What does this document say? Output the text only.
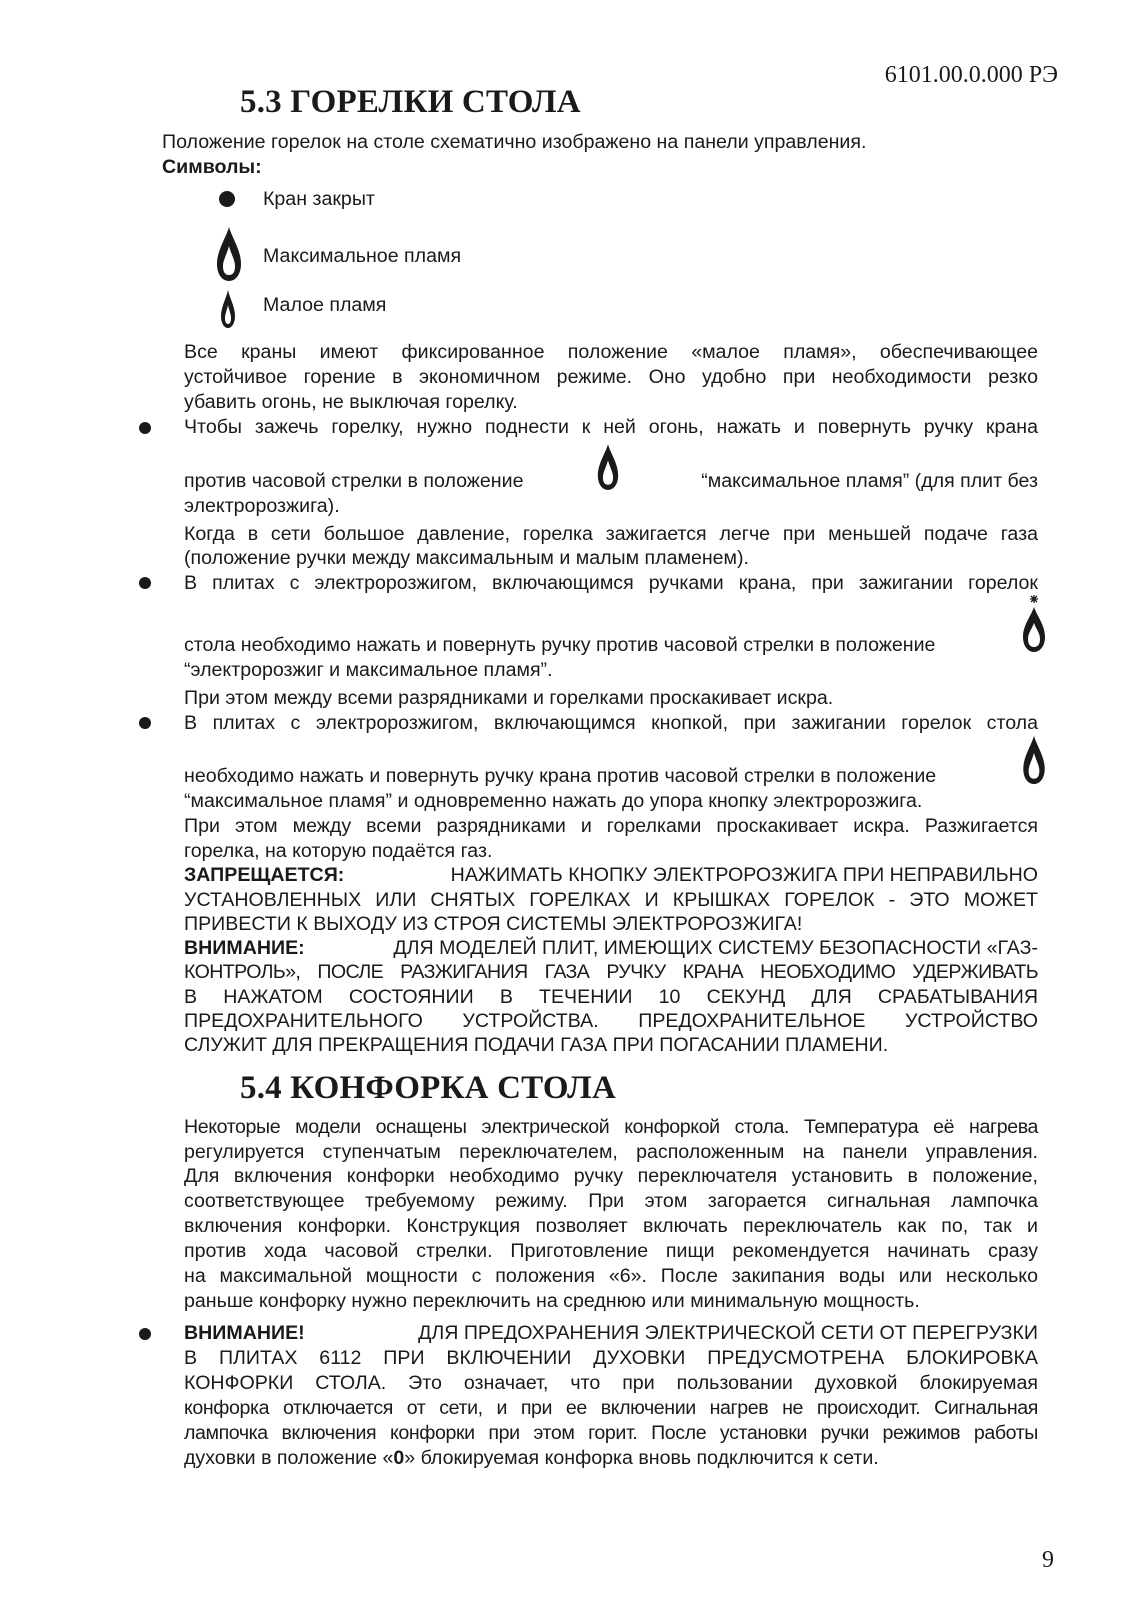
6101.00.0.000 РЭ
5.3 ГОРЕЛКИ СТОЛА
Положение горелок на столе схематично изображено на панели управления.
Символы:
Кран закрыт
Максимальное пламя
Малое пламя
Все краны имеют фиксированное положение «малое пламя», обеспечивающее
устойчивое горение в экономичном режиме. Оно удобно при необходимости резко
убавить огонь, не выключая горелку.
Чтобы зажечь горелку, нужно поднести к ней огонь, нажать и повернуть ручку крана
против часовой стрелки в положение	“максимальное пламя” (для плит без
электророзжига).
Когда в сети большое давление, горелка зажигается легче при меньшей подаче газа
(положение ручки между максимальным и малым пламенем).
В плитах с электророзжигом, включающимся ручками крана, при зажигании горелок
стола необходимо нажать и повернуть ручку против часовой стрелки в положение
“электророзжиг и максимальное пламя”.
При этом между всеми разрядниками и горелками проскакивает искра.
В плитах с электророзжигом, включающимся кнопкой, при зажигании горелок стола
необходимо нажать и повернуть ручку крана против часовой стрелки в положение
“максимальное пламя” и одновременно нажать до упора кнопку электророзжига.
При этом между всеми разрядниками и горелками проскакивает искра. Разжигается
горелка, на которую подаётся газ.
ЗАПРЕЩАЕТСЯ:	НАЖИМАТЬ КНОПКУ ЭЛЕКТРОРОЗЖИГА ПРИ НЕПРАВИЛЬНО
УСТАНОВЛЕННЫХ ИЛИ СНЯТЫХ ГОРЕЛКАХ И КРЫШКАХ ГОРЕЛОК - ЭТО МОЖЕТ
ПРИВЕСТИ К ВЫХОДУ ИЗ СТРОЯ СИСТЕМЫ ЭЛЕКТРОРОЗЖИГА!
ВНИМАНИЕ:	ДЛЯ МОДЕЛЕЙ ПЛИТ, ИМЕЮЩИХ СИСТЕМУ БЕЗОПАСНОСТИ «ГАЗ-
КОНТРОЛЬ», ПОСЛЕ РАЗЖИГАНИЯ ГАЗА РУЧКУ КРАНА НЕОБХОДИМО УДЕРЖИВАТЬ
В НАЖАТОМ СОСТОЯНИИ В ТЕЧЕНИИ 10 СЕКУНД ДЛЯ СРАБАТЫВАНИЯ
ПРЕДОХРАНИТЕЛЬНОГО УСТРОЙСТВА. ПРЕДОХРАНИТЕЛЬНОЕ УСТРОЙСТВО
СЛУЖИТ ДЛЯ ПРЕКРАЩЕНИЯ ПОДАЧИ ГАЗА ПРИ ПОГАСАНИИ ПЛАМЕНИ.
5.4 КОНФОРКА СТОЛА
Некоторые модели оснащены электрической конфоркой стола. Температура её нагрева
регулируется ступенчатым переключателем, расположенным на панели управления.
Для включения конфорки необходимо ручку переключателя установить в положение,
соответствующее требуемому режиму. При этом загорается сигнальная лампочка
включения конфорки. Конструкция позволяет включать переключатель как по, так и
против хода часовой стрелки. Приготовление пищи рекомендуется начинать сразу
на максимальной мощности с положения «6». После закипания воды или несколько
раньше конфорку нужно переключить на среднюю или минимальную мощность.
ВНИМАНИЕ!	ДЛЯ ПРЕДОХРАНЕНИЯ ЭЛЕКТРИЧЕСКОЙ СЕТИ ОТ ПЕРЕГРУЗКИ
В ПЛИТАХ 6112 ПРИ ВКЛЮЧЕНИИ ДУХОВКИ ПРЕДУСМОТРЕНА БЛОКИРОВКА
КОНФОРКИ СТОЛА. Это означает, что при пользовании духовкой блокируемая
конфорка отключается от сети, и при ее включении нагрев не происходит. Сигнальная
лампочка включения конфорки при этом горит. После установки ручки режимов работы
духовки в положение «0» блокируемая конфорка вновь подключится к сети.
9
